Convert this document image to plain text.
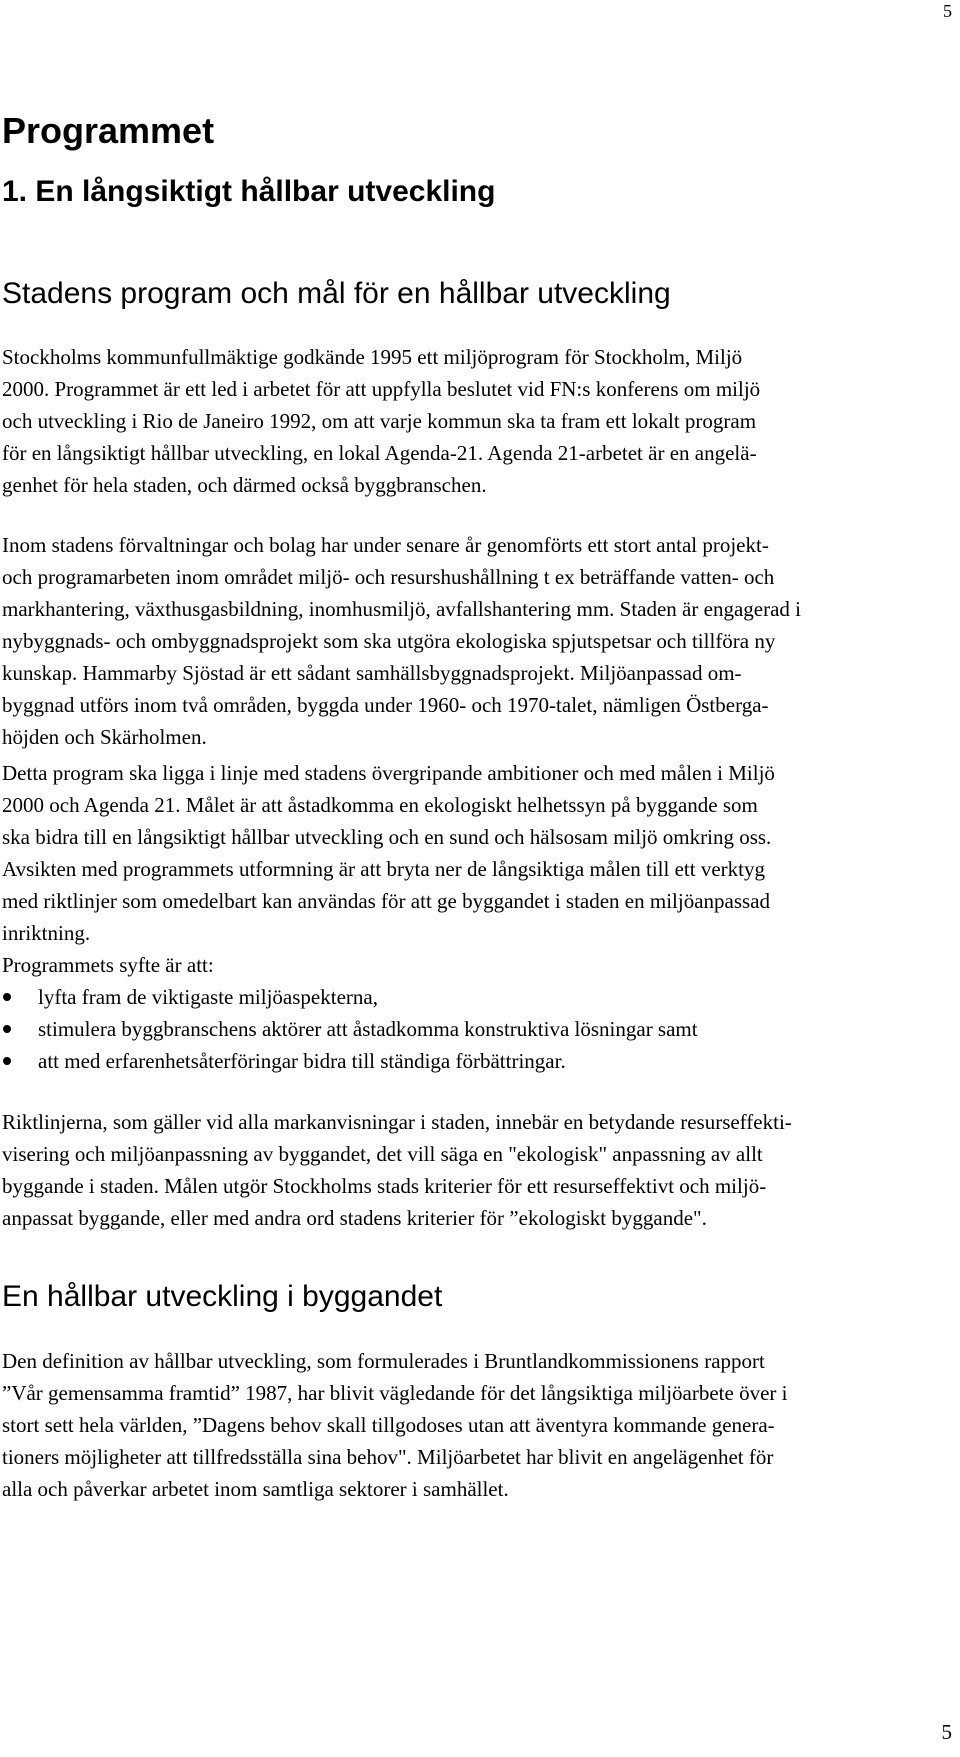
5
Programmet
1. En långsiktigt hållbar utveckling
Stadens program och mål för en hållbar utveckling
Stockholms kommunfullmäktige godkände 1995 ett miljöprogram för Stockholm, Miljö
2000. Programmet är ett led i arbetet för att uppfylla beslutet vid FN:s konferens om miljö
och utveckling i Rio de Janeiro 1992, om att varje kommun ska ta fram ett lokalt program
för en långsiktigt hållbar utveckling, en lokal Agenda-21. Agenda 21-arbetet är en angelä-
genhet för hela staden, och därmed också byggbranschen.
Inom stadens förvaltningar och bolag har under senare år genomförts ett stort antal projekt-
och programarbeten inom området miljö- och resurshushållning t ex beträffande vatten- och
markhantering, växthusgasbildning, inomhusmiljö, avfallshantering mm. Staden är engagerad i
nybyggnads- och ombyggnadsprojekt som ska utgöra ekologiska spjutspetsar och tillföra ny
kunskap. Hammarby Sjöstad är ett sådant samhällsbyggnadsprojekt. Miljöanpassad om-
byggnad utförs inom två områden, byggda under 1960- och 1970-talet, nämligen Östberga-
höjden och Skärholmen.
Detta program ska ligga i linje med stadens övergripande ambitioner och med målen i Miljö
2000 och Agenda 21. Målet är att åstadkomma en ekologiskt helhetssyn på byggande som
ska bidra till en långsiktigt hållbar utveckling och en sund och hälsosam miljö omkring oss.
Avsikten med programmets utformning är att bryta ner de långsiktiga målen till ett verktyg
med riktlinjer som omedelbart kan användas för att ge byggandet i staden en miljöanpassad
inriktning.
Programmets syfte är att:
lyfta fram de viktigaste miljöaspekterna,
stimulera byggbranschens aktörer att åstadkomma konstruktiva lösningar samt
att med erfarenhetsåterföringar bidra till ständiga förbättringar.
Riktlinjerna, som gäller vid alla markanvisningar i staden, innebär en betydande resurseffekti-
visering och miljöanpassning av byggandet, det vill säga en "ekologisk" anpassning av allt
byggande i staden. Målen utgör Stockholms stads kriterier för ett resurseffektivt och miljö-
anpassat byggande, eller med andra ord stadens kriterier för ”ekologiskt byggande".
En hållbar utveckling i byggandet
Den definition av hållbar utveckling, som formulerades i Bruntlandkommissionens rapport
”Vår gemensamma framtid” 1987, har blivit vägledande för det långsiktiga miljöarbete över i
stort sett hela världen, ”Dagens behov skall tillgodoses utan att äventyra kommande genera-
tioners möjligheter att tillfredsställa sina behov". Miljöarbetet har blivit en angelägenhet för
alla och påverkar arbetet inom samtliga sektorer i samhället.
5
